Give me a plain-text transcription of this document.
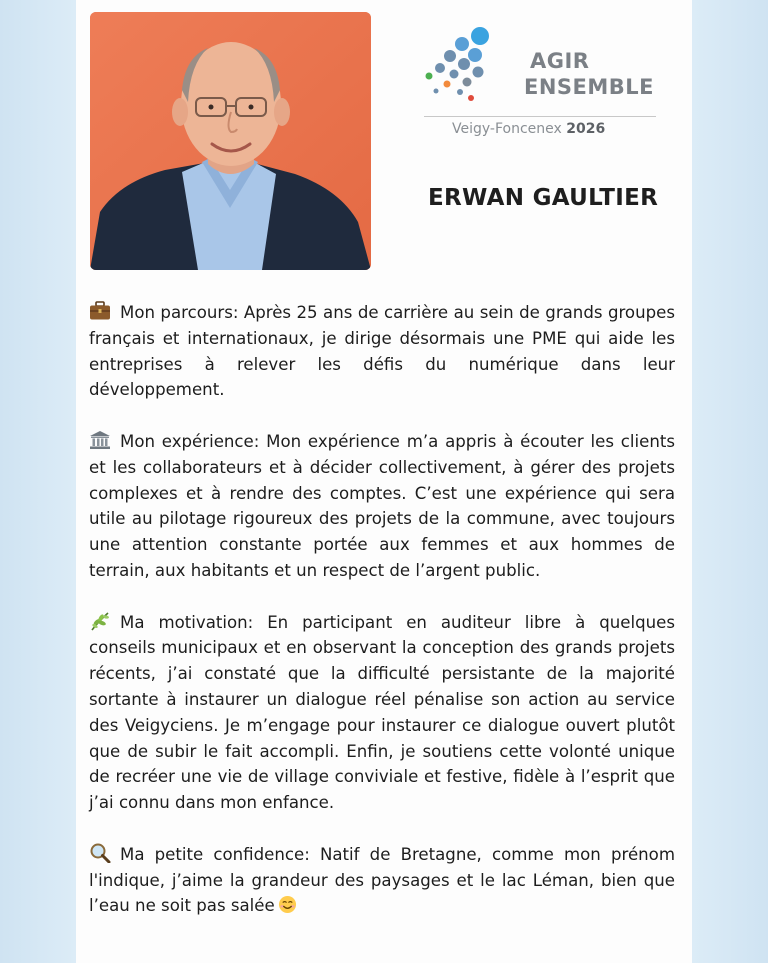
AGIR
ENSEMBLE
Veigy-Foncenex 2026
ERWAN GAULTIER

Mon parcours: Après 25 ans de carrière au sein de grands groupes français et internationaux, je dirige désormais une PME qui aide les entreprises à relever les défis du numérique dans leur développement.

Mon expérience: Mon expérience m’a appris à écouter les clients et les collaborateurs et à décider collectivement, à gérer des projets complexes et à rendre des comptes. C’est une expérience qui sera utile au pilotage rigoureux des projets de la commune, avec toujours une attention constante portée aux femmes et aux hommes de terrain, aux habitants et un respect de l’argent public.

Ma motivation: En participant en auditeur libre à quelques conseils municipaux et en observant la conception des grands projets récents, j’ai constaté que la difficulté persistante de la majorité sortante à instaurer un dialogue réel pénalise son action au service des Veigyciens. Je m’engage pour instaurer ce dialogue ouvert plutôt que de subir le fait accompli. Enfin, je soutiens cette volonté unique de recréer une vie de village conviviale et festive, fidèle à l’esprit que j’ai connu dans mon enfance.

Ma petite confidence: Natif de Bretagne, comme mon prénom l'indique, j’aime la grandeur des paysages et le lac Léman, bien que l’eau ne soit pas salée
